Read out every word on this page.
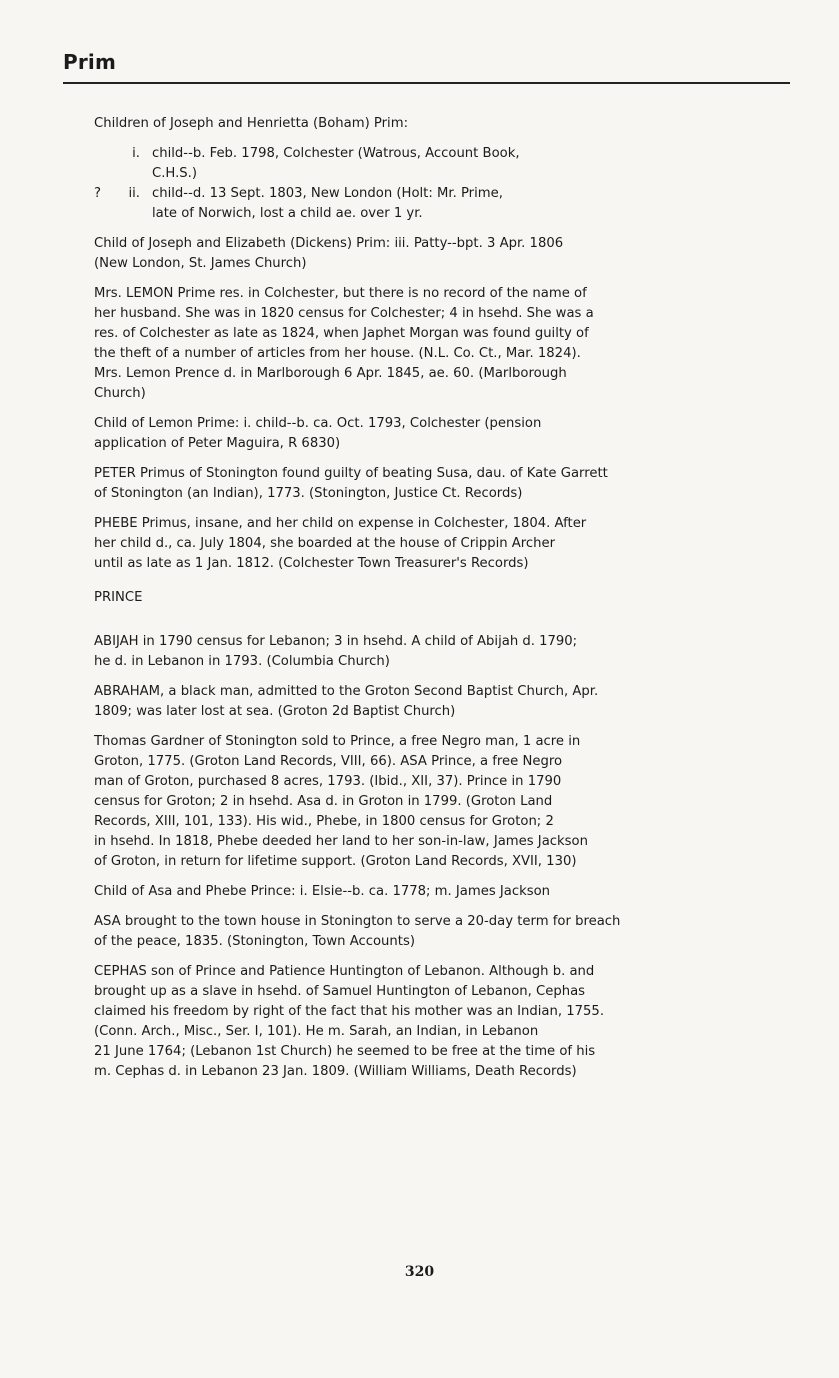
Prim
Children of Joseph and Henrietta (Boham) Prim:
i. child--b. Feb. 1798, Colchester (Watrous, Account Book,
C.H.S.)
?	ii. child--d. 13 Sept. 1803, New London (Holt: Mr. Prime,
late of Norwich, lost a child ae. over 1 yr.
Child of Joseph and Elizabeth (Dickens) Prim: iii. Patty--bpt. 3 Apr. 1806
(New London, St. James Church)
Mrs. LEMON Prime res. in Colchester, but there is no record of the name of
her husband. She was in 1820 census for Colchester; 4 in hsehd. She was a
res. of Colchester as late as 1824, when Japhet Morgan was found guilty of
the theft of a number of articles from her house. (N.L. Co. Ct., Mar. 1824).
Mrs. Lemon Prence d. in Marlborough 6 Apr. 1845, ae. 60. (Marlborough
Church)
Child of Lemon Prime: i. child--b. ca. Oct. 1793, Colchester (pension
application of Peter Maguira, R 6830)
PETER Primus of Stonington found guilty of beating Susa, dau. of Kate Garrett
of Stonington (an Indian), 1773. (Stonington, Justice Ct. Records)
PHEBE Primus, insane, and her child on expense in Colchester, 1804. After
her child d., ca. July 1804, she boarded at the house of Crippin Archer
until as late as 1 Jan. 1812. (Colchester Town Treasurer's Records)
PRINCE
ABIJAH in 1790 census for Lebanon; 3 in hsehd. A child of Abijah d. 1790;
he d. in Lebanon in 1793. (Columbia Church)
ABRAHAM, a black man, admitted to the Groton Second Baptist Church, Apr.
1809; was later lost at sea. (Groton 2d Baptist Church)
Thomas Gardner of Stonington sold to Prince, a free Negro man, 1 acre in
Groton, 1775. (Groton Land Records, VIII, 66). ASA Prince, a free Negro
man of Groton, purchased 8 acres, 1793. (Ibid., XII, 37). Prince in 1790
census for Groton; 2 in hsehd. Asa d. in Groton in 1799. (Groton Land
Records, XIII, 101, 133). His wid., Phebe, in 1800 census for Groton; 2
in hsehd. In 1818, Phebe deeded her land to her son-in-law, James Jackson
of Groton, in return for lifetime support. (Groton Land Records, XVII, 130)
Child of Asa and Phebe Prince: i. Elsie--b. ca. 1778; m. James Jackson
ASA brought to the town house in Stonington to serve a 20-day term for breach
of the peace, 1835. (Stonington, Town Accounts)
CEPHAS son of Prince and Patience Huntington of Lebanon. Although b. and
brought up as a slave in hsehd. of Samuel Huntington of Lebanon, Cephas
claimed his freedom by right of the fact that his mother was an Indian, 1755.
(Conn. Arch., Misc., Ser. I, 101). He m. Sarah, an Indian, in Lebanon
21 June 1764; (Lebanon 1st Church) he seemed to be free at the time of his
m. Cephas d. in Lebanon 23 Jan. 1809. (William Williams, Death Records)
320
